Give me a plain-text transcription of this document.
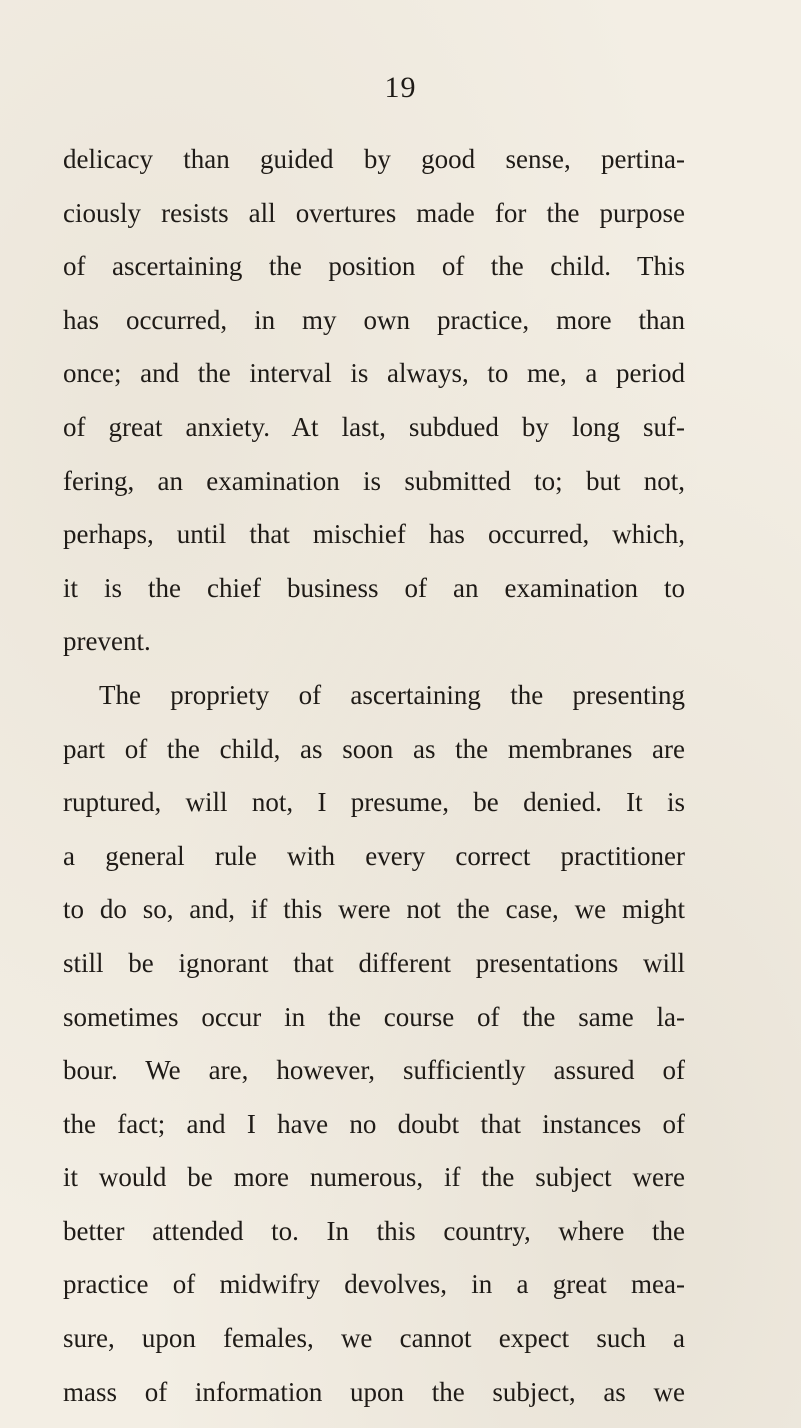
19
delicacy than guided by good sense, pertina-
ciously resists all overtures made for the purpose
of ascertaining the position of the child. This
has occurred, in my own practice, more than
once; and the interval is always, to me, a period
of great anxiety. At last, subdued by long suf-
fering, an examination is submitted to; but not,
perhaps, until that mischief has occurred, which,
it is the chief business of an examination to
prevent.
The propriety of ascertaining the presenting
part of the child, as soon as the membranes are
ruptured, will not, I presume, be denied. It is
a general rule with every correct practitioner
to do so, and, if this were not the case, we might
still be ignorant that different presentations will
sometimes occur in the course of the same la-
bour. We are, however, sufficiently assured of
the fact; and I have no doubt that instances of
it would be more numerous, if the subject were
better attended to. In this country, where the
practice of midwifry devolves, in a great mea-
sure, upon females, we cannot expect such a
mass of information upon the subject, as we
